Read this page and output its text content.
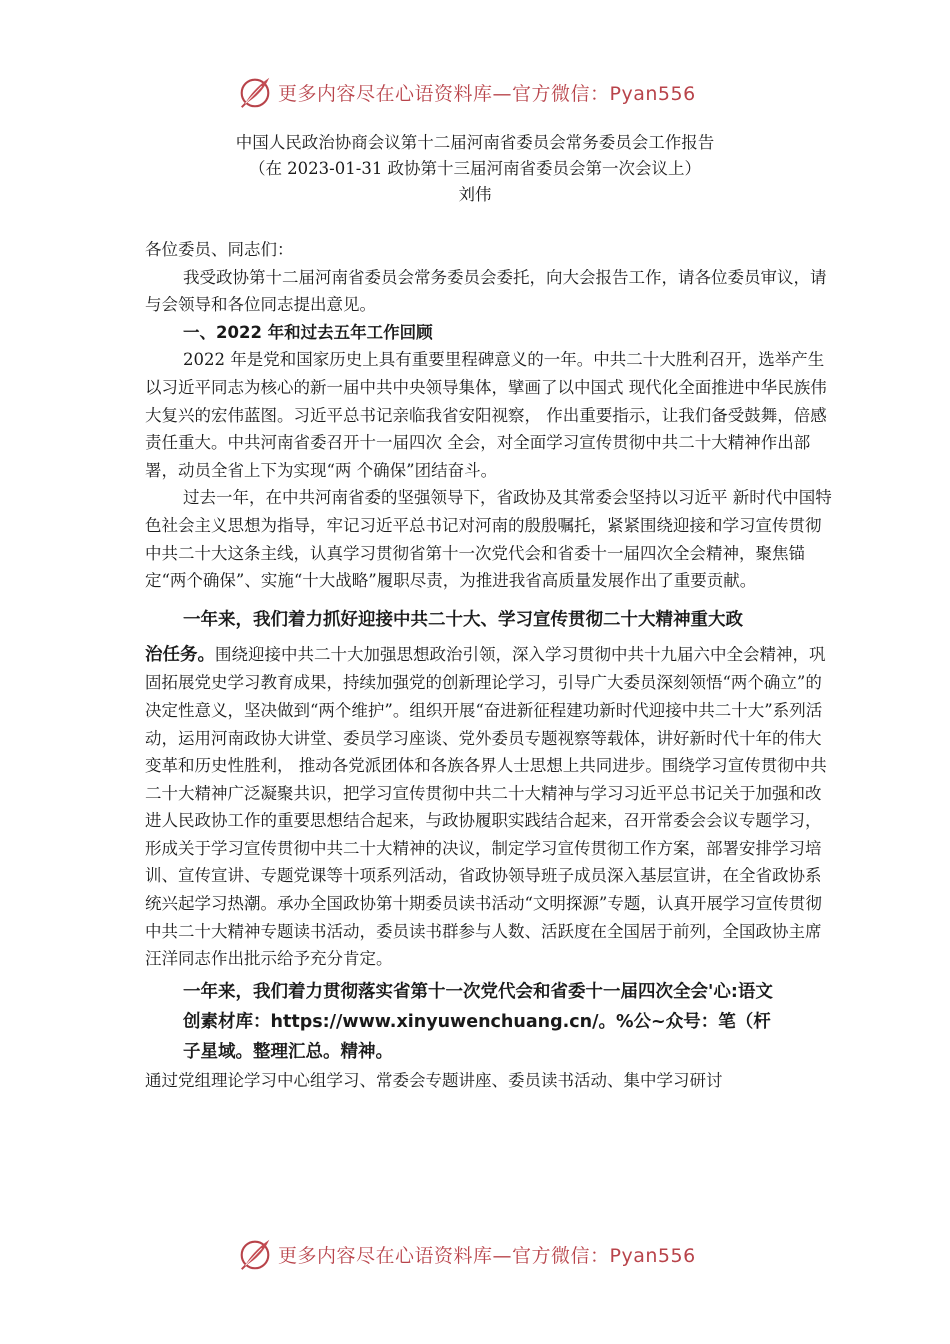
更多内容尽在心语资料库—官方微信：Pyan556
中国人民政治协商会议第十二届河南省委员会常务委员会工作报告
（在 2023-01-31 政协第十三届河南省委员会第一次会议上）
刘伟

各位委员、同志们：

我受政协第十二届河南省委员会常务委员会委托，向大会报告工作，请各位委员审议，请与会领导和各位同志提出意见。

一、2022 年和过去五年工作回顾

2022 年是党和国家历史上具有重要里程碑意义的一年。中共二十大胜利召开，选举产生以习近平同志为核心的新一届中共中央领导集体，擘画了以中国式 现代化全面推进中华民族伟大复兴的宏伟蓝图。习近平总书记亲临我省安阳视察， 作出重要指示，让我们备受鼓舞，倍感责任重大。中共河南省委召开十一届四次 全会，对全面学习宣传贯彻中共二十大精神作出部署，动员全省上下为实现“两 个确保”团结奋斗。

过去一年，在中共河南省委的坚强领导下，省政协及其常委会坚持以习近平 新时代中国特色社会主义思想为指导，牢记习近平总书记对河南的殷殷嘱托，紧紧围绕迎接和学习宣传贯彻中共二十大这条主线，认真学习贯彻省第十一次党代会和省委十一届四次全会精神，聚焦锚定“两个确保”、实施“十大战略”履职尽责，为推进我省高质量发展作出了重要贡献。

一年来，我们着力抓好迎接中共二十大、学习宣传贯彻二十大精神重大政

治任务。围绕迎接中共二十大加强思想政治引领，深入学习贯彻中共十九届六中全会精神，巩固拓展党史学习教育成果，持续加强党的创新理论学习，引导广大委员深刻领悟“两个确立”的决定性意义，坚决做到“两个维护”。组织开展“奋进新征程建功新时代迎接中共二十大”系列活动，运用河南政协大讲堂、委员学习座谈、党外委员专题视察等载体，讲好新时代十年的伟大变革和历史性胜利， 推动各党派团体和各族各界人士思想上共同进步。围绕学习宣传贯彻中共二十大精神广泛凝聚共识，把学习宣传贯彻中共二十大精神与学习习近平总书记关于加强和改进人民政协工作的重要思想结合起来，与政协履职实践结合起来，召开常委会会议专题学习，形成关于学习宣传贯彻中共二十大精神的决议，制定学习宣传贯彻工作方案，部署安排学习培训、宣传宣讲、专题党课等十项系列活动，省政协领导班子成员深入基层宣讲，在全省政协系统兴起学习热潮。承办全国政协第十期委员读书活动“文明探源”专题，认真开展学习宣传贯彻中共二十大精神专题读书活动，委员读书群参与人数、活跃度在全国居于前列，全国政协主席汪洋同志作出批示给予充分肯定。

一年来，我们着力贯彻落实省第十一次党代会和省委十一届四次全会'心:语文

创素材库：https://www.xinyuwenchuang.cn/。%公~众号：笔（杆

子星域。整理汇总。精神。

通过党组理论学习中心组学习、常委会专题讲座、委员读书活动、集中学习研讨

更多内容尽在心语资料库—官方微信：Pyan556
